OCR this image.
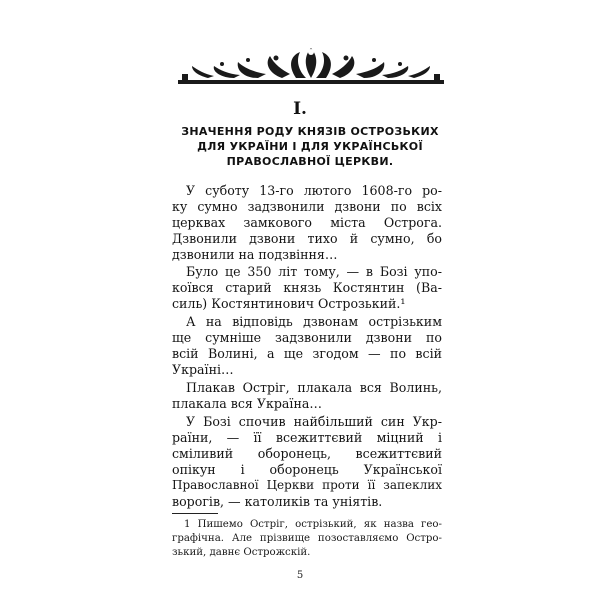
I.
ЗНАЧЕННЯ РОДУ КНЯЗІВ ОСТРОЗЬКИХ
ДЛЯ УКРАЇНИ І ДЛЯ УКРАЇНСЬКОЇ
ПРАВОСЛАВНОЇ ЦЕРКВИ.
У суботу 13-го лютого 1608-го ро-
ку сумно задзвонили дзвони по всіх
церквах замкового міста Острога.
Дзвонили дзвони тихо й сумно, бо
дзвонили на подзвіння…
Було це 350 літ тому, — в Бозі упо-
коївся старий князь Костянтин (Ва-
силь) Костянтинович Острозький.¹
А на відповідь дзвонам острізьким
ще сумніше задзвонили дзвони по
всій Волині, а ще згодом — по всій
Україні…
Плакав Остріг, плакала вся Волинь,
плакала вся Україна…
У Бозі спочив найбільший син Укр-
раїни, — її всежиттєвий міцний і
сміливий оборонець, всежиттєвий
опікун і оборонець Української
Православної Церкви проти її запеклих
ворогів, — католиків та уніятів.
1 Пишемо Остріг, острізький, як назва гео-
графічна. Але прізвище позоставляємо Остро-
зький, давнє Острожскій.
5
